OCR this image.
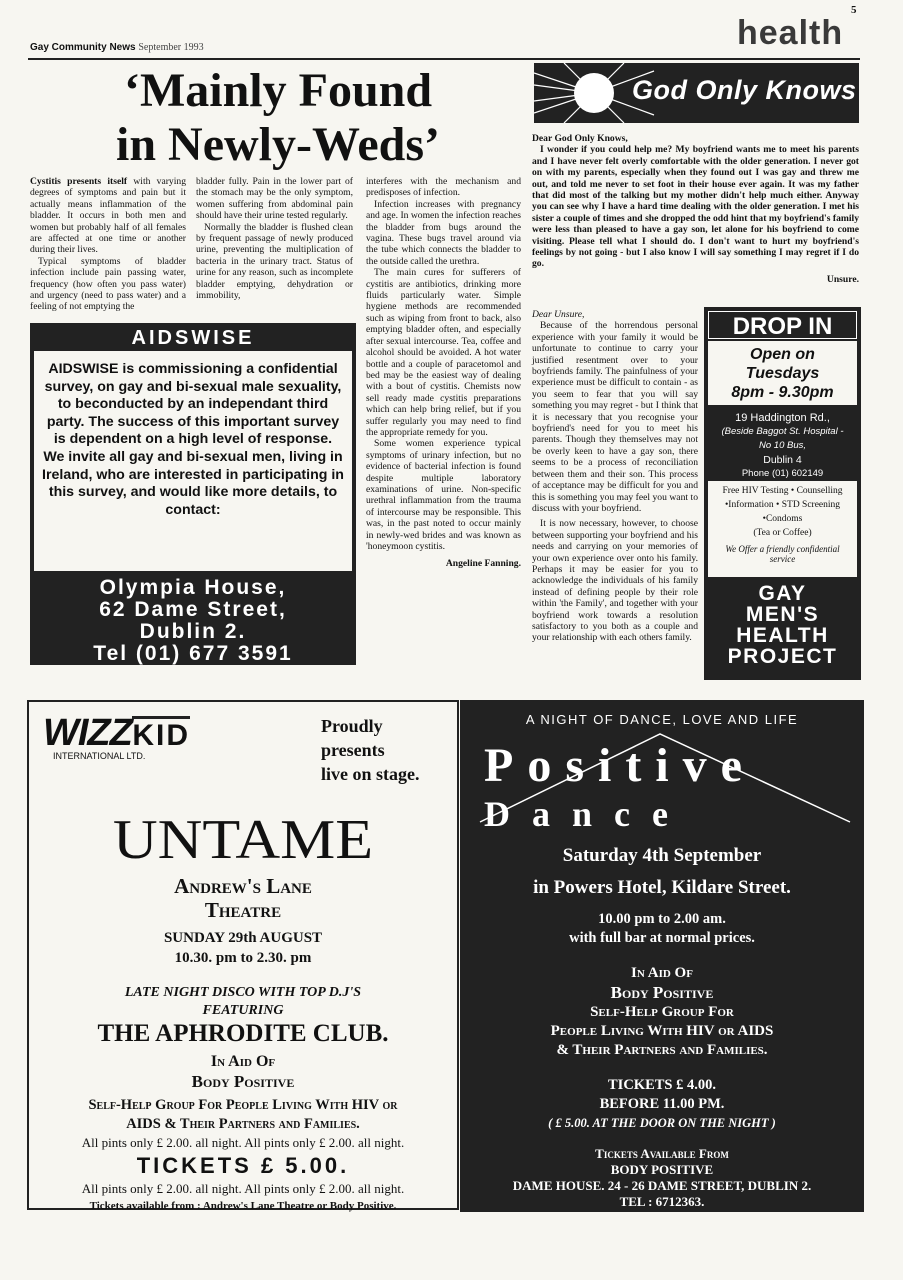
5
Gay Community News September 1993	health
‘Mainly Found
in Newly-Weds’

Cystitis presents itself with varying degrees of symptoms and pain but it actually means inflammation of the bladder. It occurs in both men and women but probably half of all females are affected at one time or another during their lives.

Typical symptoms of bladder infection include pain passing water, frequency (how often you pass water) and urgency (need to pass water) and a feeling of not emptying the

bladder fully. Pain in the lower part of the stomach may be the only symptom, women suffering from abdominal pain should have their urine tested regularly.

Normally the bladder is flushed clean by frequent passage of newly produced urine, preventing the multiplication of bacteria in the urinary tract. Status of urine for any reason, such as incomplete bladder emptying, dehydration or immobility,

interferes with the mechanism and predisposes of infection.

Infection increases with pregnancy and age. In women the infection reaches the bladder from bugs around the vagina. These bugs travel around via the tube which connects the bladder to the outside called the urethra.

The main cures for sufferers of cystitis are antibiotics, drinking more fluids particularly water. Simple hygiene methods are recommended such as wiping from front to back, also emptying bladder often, and especially after sexual intercourse. Tea, coffee and alcohol should be avoided. A hot water bottle and a couple of paracetomol and bed may be the easiest way of dealing with a bout of cystitis. Chemists now sell ready made cystitis preparations which can help bring relief, but if you suffer regularly you may need to find the appropriate remedy for you.

Some women experience typical symptoms of urinary infection, but no evidence of bacterial infection is found despite multiple laboratory examinations of urine. Non-specific urethral inflammation from the trauma of intercourse may be responsible. This was, in the past noted to occur mainly in newly-wed brides and was known as 'honeymoon cystitis.

Angeline Fanning.
AIDSWISE
AIDSWISE is commissioning a confidential survey, on gay and bi-sexual male sexuality, to beconducted by an independant third party. The success of this important survey is dependent on a high level of response. We invite all gay and bi-sexual men, living in Ireland, who are interested in participating in this survey, and would like more details, to contact:
Olympia House,
62 Dame Street,
Dublin 2.
Tel (01) 677 3591
God Only Knows

Dear God Only Knows,

I wonder if you could help me? My boyfriend wants me to meet his parents and I have never felt overly comfortable with the older generation. I never got on with my parents, especially when they found out I was gay and threw me out, and told me never to set foot in their house ever again. It was my father that did most of the talking but my mother didn't help much either. Anyway you can see why I have a hard time dealing with the older generation. I met his sister a couple of times and she dropped the odd hint that my boyfriend's family were less than pleased to have a gay son, let alone for his boyfriend to come visiting. Please tell what I should do. I don't want to hurt my boyfriend's feelings by not going - but I also know I will say something I may regret if I do go.

Unsure.

Dear Unsure,

Because of the horrendous personal experience with your family it would be unfortunate to continue to carry your justified resentment over to your boyfriends family. The painfulness of your experience must be difficult to contain - as you seem to fear that you will say something you may regret - but I think that it is necessary that you recognise your boyfriend's need for you to meet his parents. Though they themselves may not be overly keen to have a gay son, there seems to be a process of reconciliation between them and their son. This process of acceptance may be difficult for you and this is something you may feel you want to discuss with your boyfriend.

It is now necessary, however, to choose between supporting your boyfriend and his needs and carrying on your memories of your own experience over onto his family. Perhaps it may be easier for you to acknowledge the individuals of his family instead of defining people by their role within 'the Family', and together with your boyfriend work towards a resolution satisfactory to you both as a couple and your relationship with each others family.

DROP IN
Open on
Tuesdays
8pm - 9.30pm
19 Haddington Rd.,
(Beside Baggot St. Hospital -
No 10 Bus,
Dublin 4
Phone (01) 602149
Free HIV Testing • Counselling
•Information • STD Screening
•Condoms
(Tea or Coffee)
We Offer a friendly confidential service
GAY
MEN'S
HEALTH
PROJECT
WIZZ KID
INTERNATIONAL LTD.
Proudly
presents
live on stage.
UNTAME
Andrew's Lane
Theatre
SUNDAY 29th AUGUST
10.30. pm to 2.30. pm
LATE NIGHT DISCO WITH TOP D.J'S
FEATURING
THE APHRODITE CLUB.
In Aid Of
Body Positive
Self-Help Group For People Living With HIV or
AIDS & Their Partners and Families.
All pints only £ 2.00. all night. All pints only £ 2.00. all night.
TICKETS £ 5.00.
All pints only £ 2.00. all night. All pints only £ 2.00. all night.
Tickets available from : Andrew's Lane Theatre or Body Positive.
A NIGHT OF DANCE, LOVE AND LIFE
Positive
Dance
Saturday 4th September
in Powers Hotel, Kildare Street.
10.00 pm to 2.00 am.
with full bar at normal prices.
In Aid Of
Body Positive
Self-Help Group For
People Living With HIV or AIDS
& Their Partners and Families.
TICKETS £ 4.00.
BEFORE 11.00 PM.
( £ 5.00. AT THE DOOR ON THE NIGHT )
Tickets Available From
BODY POSITIVE
DAME HOUSE. 24 - 26 DAME STREET, DUBLIN 2.
TEL : 6712363.
